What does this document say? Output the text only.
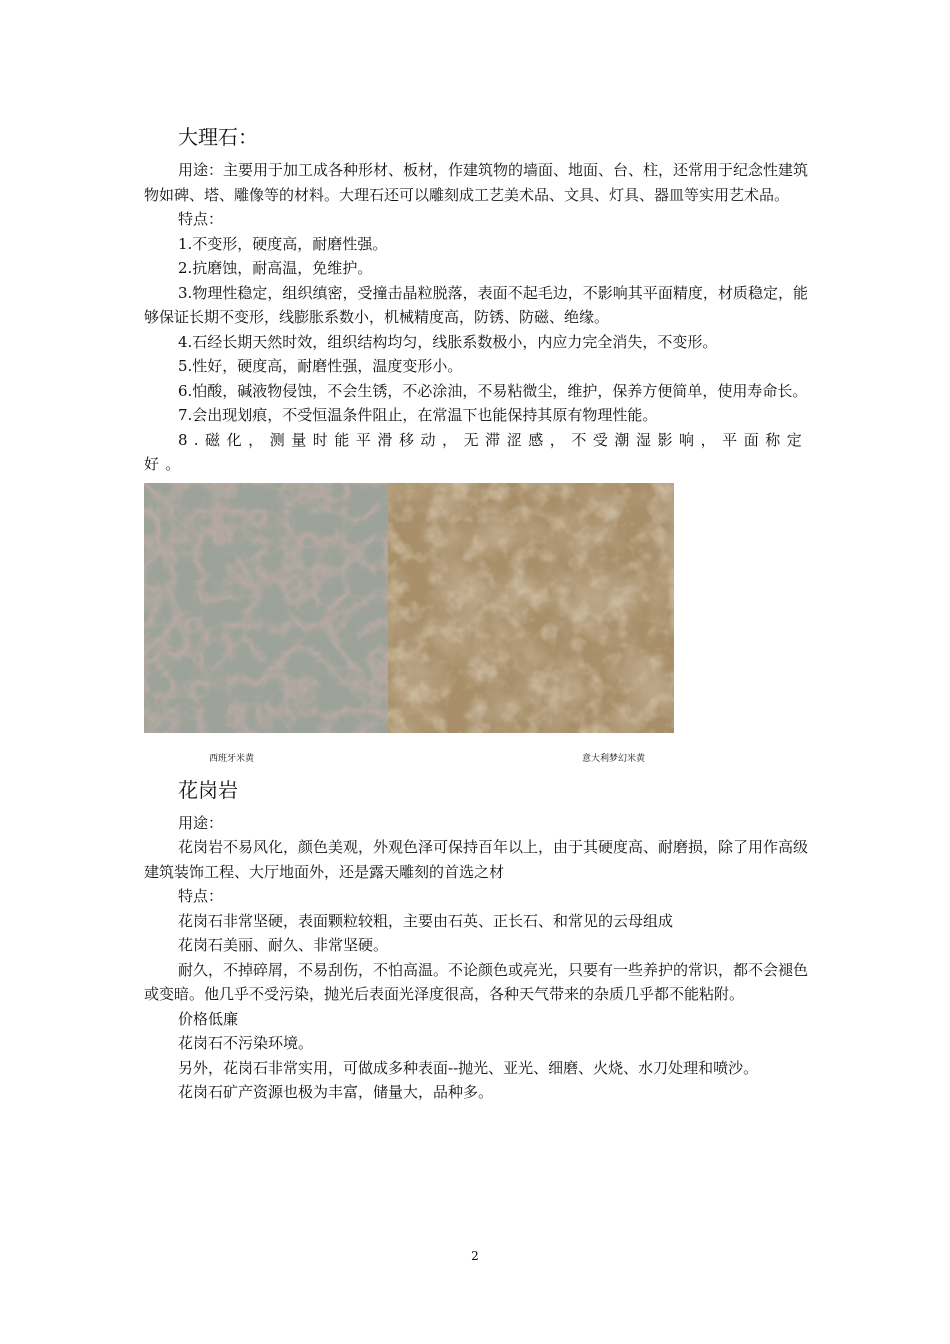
大理石：

用途：主要用于加工成各种形材、板材，作建筑物的墙面、地面、台、柱，还常用于纪念性建筑物如碑、塔、雕像等的材料。大理石还可以雕刻成工艺美术品、文具、灯具、器皿等实用艺术品。

特点：

1.不变形，硬度高，耐磨性强。

2.抗磨蚀，耐高温，免维护。

3.物理性稳定，组织缜密，受撞击晶粒脱落，表面不起毛边，不影响其平面精度，材质稳定，能够保证长期不变形，线膨胀系数小，机械精度高，防锈、防磁、绝缘。

4.石经长期天然时效，组织结构均匀，线胀系数极小，内应力完全消失，不变形。

5.性好，硬度高，耐磨性强，温度变形小。

6.怕酸，碱液物侵蚀，不会生锈，不必涂油，不易粘微尘，维护，保养方便简单，使用寿命长。

7.会出现划痕，不受恒温条件阻止，在常温下也能保持其原有物理性能。

8.磁化，测量时能平滑移动，无滞涩感，不受潮湿影响，平面称定好。

西班牙米黄	意大利梦幻米黄
花岗岩

用途：

花岗岩不易风化，颜色美观，外观色泽可保持百年以上，由于其硬度高、耐磨损，除了用作高级建筑装饰工程、大厅地面外，还是露天雕刻的首选之材

特点：

花岗石非常坚硬，表面颗粒较粗，主要由石英、正长石、和常见的云母组成

花岗石美丽、耐久、非常坚硬。

耐久，不掉碎屑，不易刮伤，不怕高温。不论颜色或亮光，只要有一些养护的常识，都不会褪色或变暗。他几乎不受污染，抛光后表面光泽度很高，各种天气带来的杂质几乎都不能粘附。

价格低廉

花岗石不污染环境。

另外，花岗石非常实用，可做成多种表面--抛光、亚光、细磨、火烧、水刀处理和喷沙。

花岗石矿产资源也极为丰富，储量大，品种多。

2
